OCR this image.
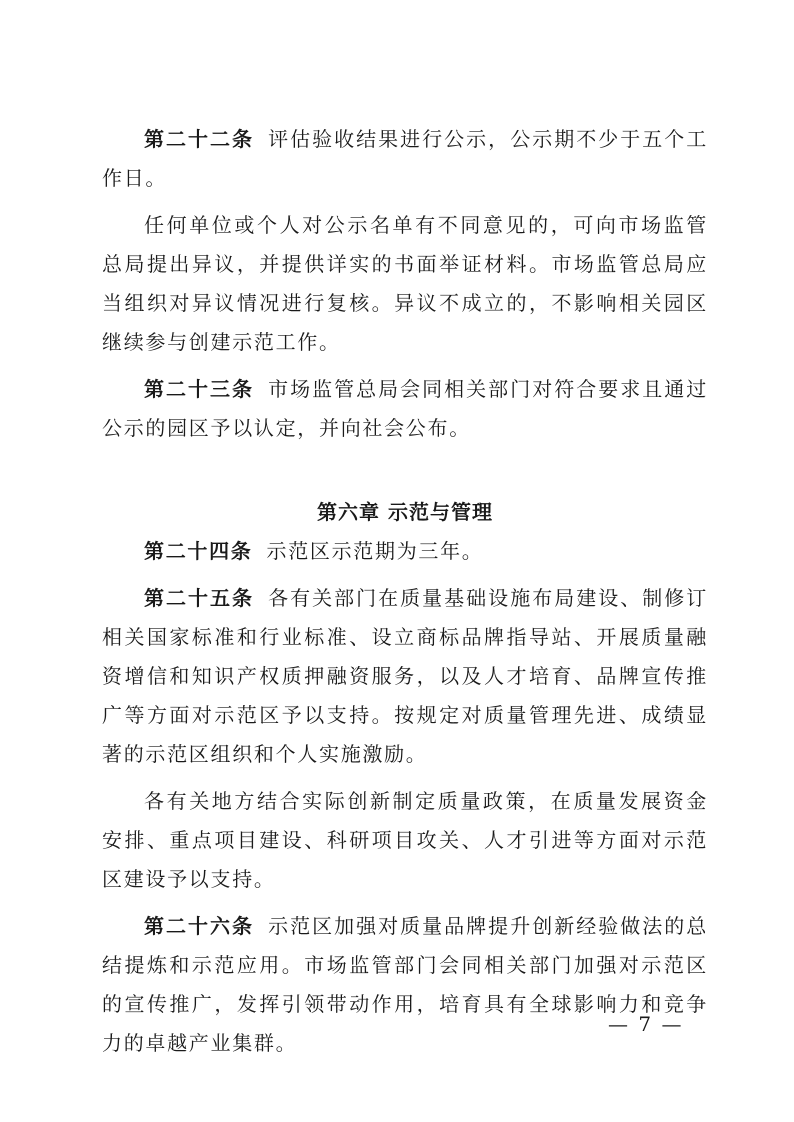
第二十二条 评估验收结果进行公示，公示期不少于五个工作日。

任何单位或个人对公示名单有不同意见的，可向市场监管总局提出异议，并提供详实的书面举证材料。市场监管总局应当组织对异议情况进行复核。异议不成立的，不影响相关园区继续参与创建示范工作。

第二十三条 市场监管总局会同相关部门对符合要求且通过公示的园区予以认定，并向社会公布。

第六章 示范与管理

第二十四条 示范区示范期为三年。

第二十五条 各有关部门在质量基础设施布局建设、制修订相关国家标准和行业标准、设立商标品牌指导站、开展质量融资增信和知识产权质押融资服务，以及人才培育、品牌宣传推广等方面对示范区予以支持。按规定对质量管理先进、成绩显著的示范区组织和个人实施激励。

各有关地方结合实际创新制定质量政策，在质量发展资金安排、重点项目建设、科研项目攻关、人才引进等方面对示范区建设予以支持。

第二十六条 示范区加强对质量品牌提升创新经验做法的总结提炼和示范应用。市场监管部门会同相关部门加强对示范区的宣传推广，发挥引领带动作用，培育具有全球影响力和竞争力的卓越产业集群。

— 7 —
